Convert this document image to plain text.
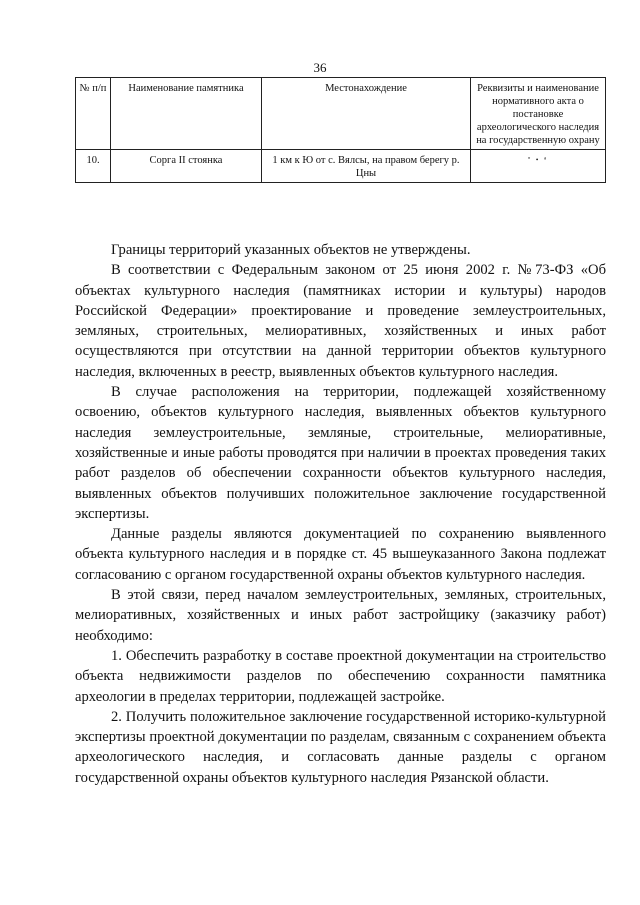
36
№ п/п	Наименование памятника	Местонахождение	Реквизиты и наименование нормативного акта о постановке археологического наследия на государственную охрану
10.	Сорга II стоянка	1 км к Ю от с. Вялсы, на правом берегу р. Цны	º • ª

Границы территорий указанных объектов не утверждены.

В соответствии с Федеральным законом от 25 июня 2002 г. №73-ФЗ «Об объектах культурного наследия (памятниках истории и культуры) народов Российской Федерации» проектирование и проведение землеустроительных, земляных, строительных, мелиоративных, хозяйственных и иных работ осуществляются при отсутствии на данной территории объектов культурного наследия, включенных в реестр, выявленных объектов культурного наследия.

В случае расположения на территории, подлежащей хозяйственному освоению, объектов культурного наследия, выявленных объектов культурного наследия землеустроительные, земляные, строительные, мелиоративные, хозяйственные и иные работы проводятся при наличии в проектах проведения таких работ разделов об обеспечении сохранности объектов культурного наследия, выявленных объектов получивших положительное заключение государственной экспертизы.

Данные разделы являются документацией по сохранению выявленного объекта культурного наследия и в порядке ст. 45 вышеуказанного Закона подлежат согласованию с органом государственной охраны объектов культурного наследия.

В этой связи, перед началом землеустроительных, земляных, строительных, мелиоративных, хозяйственных и иных работ застройщику (заказчику работ) необходимо:

1. Обеспечить разработку в составе проектной документации на строительство объекта недвижимости разделов по обеспечению сохранности памятника археологии в пределах территории, подлежащей застройке.

2. Получить положительное заключение государственной историко-культурной экспертизы проектной документации по разделам, связанным с сохранением объекта археологического наследия, и согласовать данные разделы с органом государственной охраны объектов культурного наследия Рязанской области.
